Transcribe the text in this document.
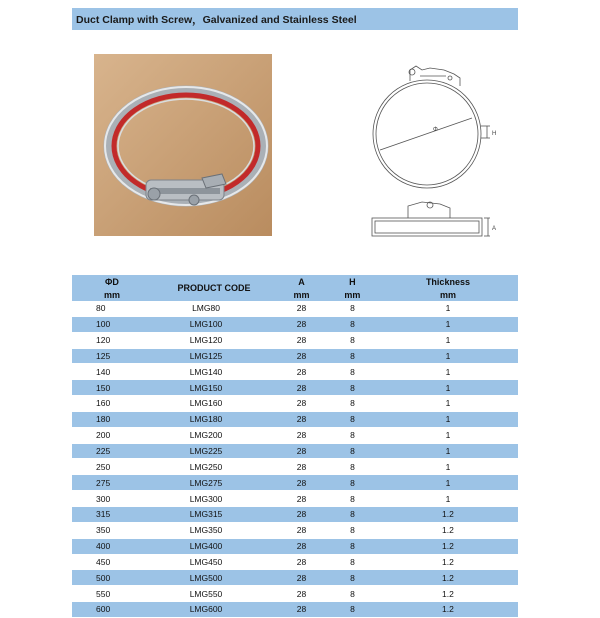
Duct Clamp with Screw，Galvanized and Stainless Steel
Φ
H
A
ΦD	PRODUCT CODE	A	H	Thickness
mm		mm	mm	mm
80	LMG80	28	8	1
100	LMG100	28	8	1
120	LMG120	28	8	1
125	LMG125	28	8	1
140	LMG140	28	8	1
150	LMG150	28	8	1
160	LMG160	28	8	1
180	LMG180	28	8	1
200	LMG200	28	8	1
225	LMG225	28	8	1
250	LMG250	28	8	1
275	LMG275	28	8	1
300	LMG300	28	8	1
315	LMG315	28	8	1.2
350	LMG350	28	8	1.2
400	LMG400	28	8	1.2
450	LMG450	28	8	1.2
500	LMG500	28	8	1.2
550	LMG550	28	8	1.2
600	LMG600	28	8	1.2
